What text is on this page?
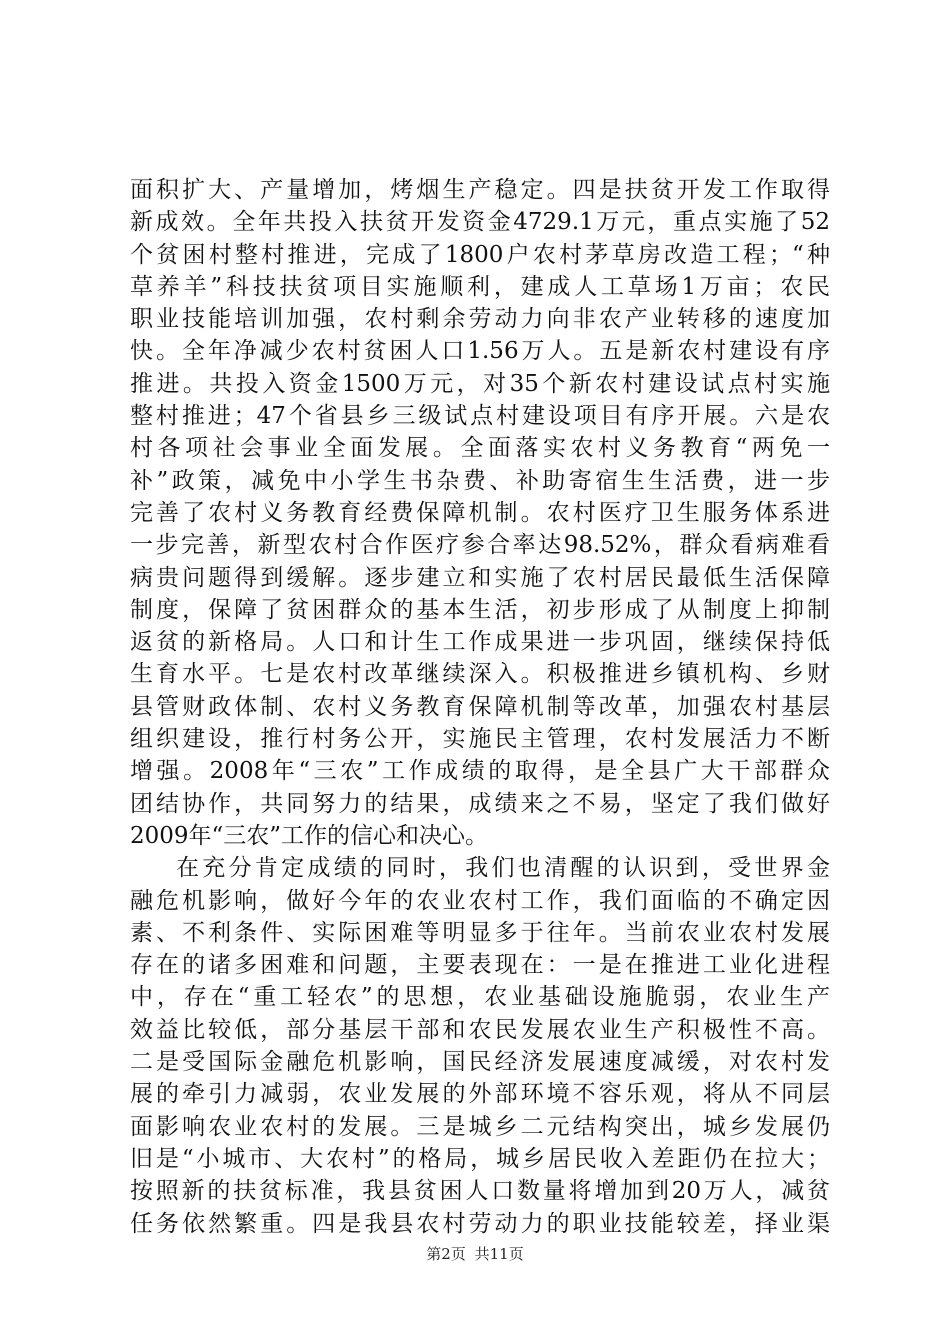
面积扩大、产量增加，烤烟生产稳定。四是扶贫开发工作取得
新成效。全年共投入扶贫开发资金4729.1万元，重点实施了52
个贫困村整村推进，完成了1800户农村茅草房改造工程；“种
草养羊”科技扶贫项目实施顺利，建成人工草场1万亩；农民
职业技能培训加强，农村剩余劳动力向非农产业转移的速度加
快。全年净减少农村贫困人口1.56万人。五是新农村建设有序
推进。共投入资金1500万元，对35个新农村建设试点村实施
整村推进；47个省县乡三级试点村建设项目有序开展。六是农
村各项社会事业全面发展。全面落实农村义务教育“两免一
补”政策，减免中小学生书杂费、补助寄宿生生活费，进一步
完善了农村义务教育经费保障机制。农村医疗卫生服务体系进
一步完善，新型农村合作医疗参合率达98.52%，群众看病难看
病贵问题得到缓解。逐步建立和实施了农村居民最低生活保障
制度，保障了贫困群众的基本生活，初步形成了从制度上抑制
返贫的新格局。人口和计生工作成果进一步巩固，继续保持低
生育水平。七是农村改革继续深入。积极推进乡镇机构、乡财
县管财政体制、农村义务教育保障机制等改革，加强农村基层
组织建设，推行村务公开，实施民主管理，农村发展活力不断
增强。2008年“三农”工作成绩的取得，是全县广大干部群众
团结协作，共同努力的结果，成绩来之不易，坚定了我们做好
2009年“三农”工作的信心和决心。
在充分肯定成绩的同时，我们也清醒的认识到，受世界金
融危机影响，做好今年的农业农村工作，我们面临的不确定因
素、不利条件、实际困难等明显多于往年。当前农业农村发展
存在的诸多困难和问题，主要表现在：一是在推进工业化进程
中，存在“重工轻农”的思想，农业基础设施脆弱，农业生产
效益比较低，部分基层干部和农民发展农业生产积极性不高。
二是受国际金融危机影响，国民经济发展速度减缓，对农村发
展的牵引力减弱，农业发展的外部环境不容乐观，将从不同层
面影响农业农村的发展。三是城乡二元结构突出，城乡发展仍
旧是“小城市、大农村”的格局，城乡居民收入差距仍在拉大；
按照新的扶贫标准，我县贫困人口数量将增加到20万人，减贫
任务依然繁重。四是我县农村劳动力的职业技能较差，择业渠
第2页 共11页
